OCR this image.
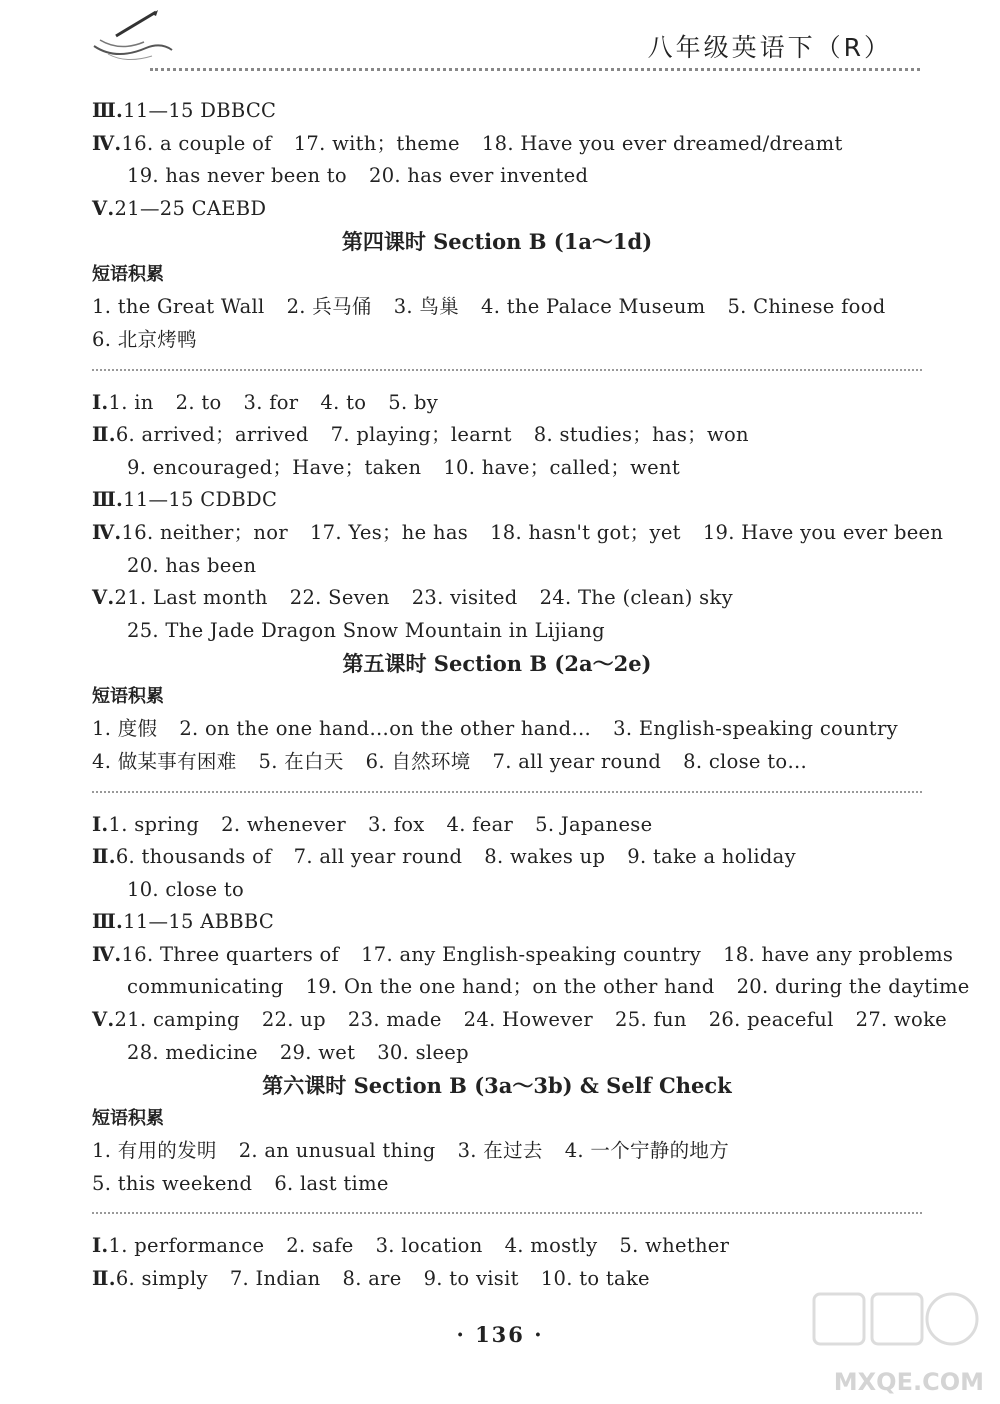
八年级英语下（R）
Ⅲ.11—15 DBBCC
Ⅳ.16. a couple of 17. with；theme 18. Have you ever dreamed/dreamt
19. has never been to 20. has ever invented
Ⅴ.21—25 CAEBD
第四课时 Section B (1a～1d)
短语积累
1. the Great Wall 2. 兵马俑 3. 鸟巢 4. the Palace Museum 5. Chinese food
6. 北京烤鸭
Ⅰ.1. in 2. to 3. for 4. to 5. by
Ⅱ.6. arrived；arrived 7. playing；learnt 8. studies；has；won
9. encouraged；Have；taken 10. have；called；went
Ⅲ.11—15 CDBDC
Ⅳ.16. neither；nor 17. Yes；he has 18. hasn't got；yet 19. Have you ever been
20. has been
Ⅴ.21. Last month 22. Seven 23. visited 24. The (clean) sky
25. The Jade Dragon Snow Mountain in Lijiang
第五课时 Section B (2a～2e)
短语积累
1. 度假 2. on the one hand…on the other hand… 3. English-speaking country
4. 做某事有困难 5. 在白天 6. 自然环境 7. all year round 8. close to…
Ⅰ.1. spring 2. whenever 3. fox 4. fear 5. Japanese
Ⅱ.6. thousands of 7. all year round 8. wakes up 9. take a holiday
10. close to
Ⅲ.11—15 ABBBC
Ⅳ.16. Three quarters of 17. any English-speaking country 18. have any problems
communicating 19. On the one hand；on the other hand 20. during the daytime
Ⅴ.21. camping 22. up 23. made 24. However 25. fun 26. peaceful 27. woke
28. medicine 29. wet 30. sleep
第六课时 Section B (3a～3b) & Self Check
短语积累
1. 有用的发明 2. an unusual thing 3. 在过去 4. 一个宁静的地方
5. this weekend 6. last time
Ⅰ.1. performance 2. safe 3. location 4. mostly 5. whether
Ⅱ.6. simply 7. Indian 8. are 9. to visit 10. to take
· 136 ·
MXQE.COM
